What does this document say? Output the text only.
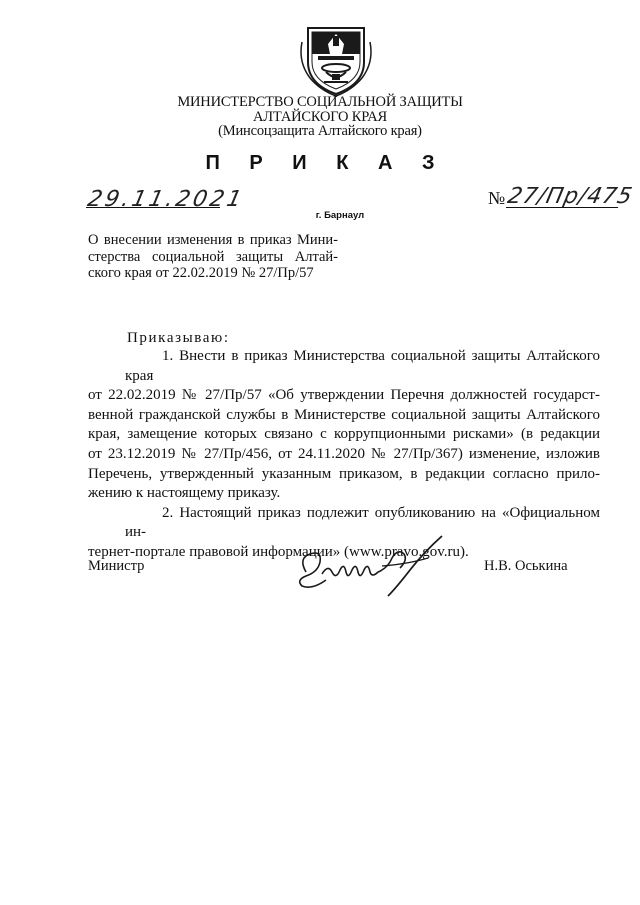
МИНИСТЕРСТВО СОЦИАЛЬНОЙ ЗАЩИТЫ
АЛТАЙСКОГО КРАЯ
(Минсоцзащита Алтайского края)
П Р И К А З
29.11.2021	№ 27/Пр/475
г. Барнаул
О внесении изменения в приказ Мини-
стерства социальной защиты Алтай-
ского края от 22.02.2019 № 27/Пр/57
Приказываю:

1. Внести в приказ Министерства социальной защиты Алтайского края
от 22.02.2019 № 27/Пр/57 «Об утверждении Перечня должностей государст-
венной гражданской службы в Министерстве социальной защиты Алтайского
края, замещение которых связано с коррупционными рисками» (в редакции
от 23.12.2019 № 27/Пр/456, от 24.11.2020 № 27/Пр/367) изменение, изложив
Перечень, утвержденный указанным приказом, в редакции согласно прило-
жению к настоящему приказу.

2. Настоящий приказ подлежит опубликованию на «Официальном ин-
тернет-портале правовой информации» (www.pravo.gov.ru).

Министр	Н.В. Оськина
